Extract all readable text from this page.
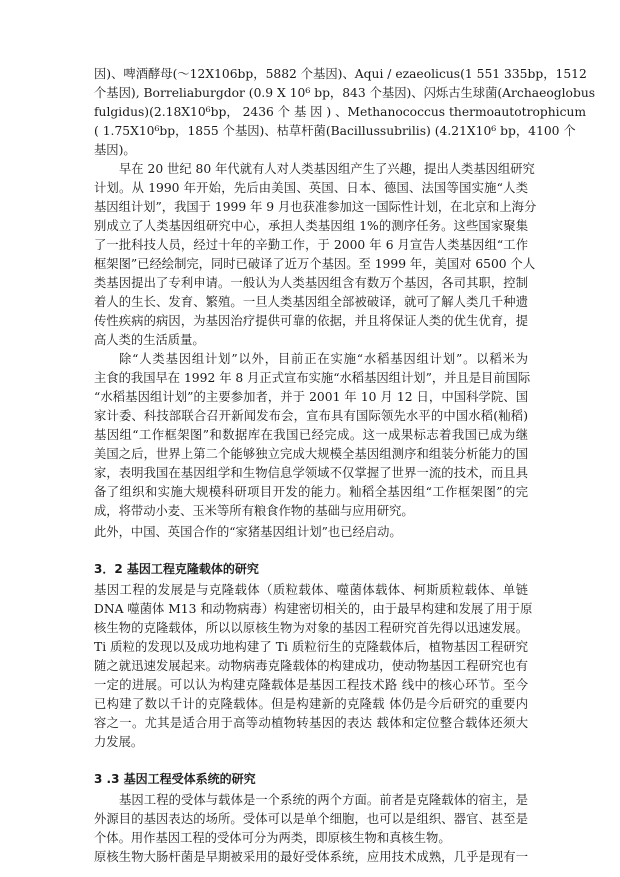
因)、啤酒酵母(～12X106bp，5882 个基因)、Aqui / ezaeolicus(1 551 335bp，1512
个基因), Borreliaburgdor (0.9 X 10⁶ bp，843 个基因)、闪烁古生球菌(Archaeoglobus
fulgidus)(2.18X10⁶bp， 2436 个 基 因 ) 、Methanococcus thermoautotrophicum
( 1.75X10⁶bp，1855 个基因)、枯草杆菌(Bacillussubrilis) (4.21X10⁶ bp，4100 个
基因)。
早在 20 世纪 80 年代就有人对人类基因组产生了兴趣，提出人类基因组研究
计划。从 1990 年开始，先后由美国、英国、日本、德国、法国等国实施“人类
基因组计划”，我国于 1999 年 9 月也获准参加这一国际性计划，在北京和上海分
别成立了人类基因组研究中心，承担人类基因组 1%的测序任务。这些国家聚集
了一批科技人员，经过十年的辛勤工作，于 2000 年 6 月宣告人类基因组“工作
框架图”已经绘制完，同时已破译了近万个基因。至 1999 年，美国对 6500 个人
类基因提出了专利申请。一般认为人类基因组含有数万个基因，各司其职，控制
着人的生长、发育、繁殖。一旦人类基因组全部被破译，就可了解人类几千种遗
传性疾病的病因，为基因治疗提供可靠的依据，并且将保证人类的优生优育，提
高人类的生活质量。
除“人类基因组计划”以外，目前正在实施“水稻基因组计划”。以稻米为
主食的我国早在 1992 年 8 月正式宣布实施“水稻基因组计划”，并且是目前国际
“水稻基因组计划”的主要参加者，并于 2001 年 10 月 12 日，中国科学院、国
家计委、科技部联合召开新闻发布会，宣布具有国际领先水平的中国水稻(籼稻)
基因组“工作框架图”和数据库在我国已经完成。这一成果标志着我国已成为继
美国之后，世界上第二个能够独立完成大规模全基因组测序和组装分析能力的国
家，表明我国在基因组学和生物信息学领域不仅掌握了世界一流的技术，而且具
备了组织和实施大规模科研项目开发的能力。籼稻全基因组“工作框架图”的完
成，将带动小麦、玉米等所有粮食作物的基础与应用研究。
此外，中国、英国合作的“家猪基因组计划”也已经启动。
3．2 基因工程克隆载体的研究
基因工程的发展是与克隆载体（质粒载体、噬菌体载体、柯斯质粒载体、单链
DNA 噬菌体 M13 和动物病毒）构建密切相关的，由于最早构建和发展了用于原
核生物的克隆载体，所以以原核生物为对象的基因工程研究首先得以迅速发展。
Ti 质粒的发现以及成功地构建了 Ti 质粒衍生的克隆载体后，植物基因工程研究
随之就迅速发展起来。动物病毒克隆载体的构建成功，使动物基因工程研究也有
一定的进展。可以认为构建克隆载体是基因工程技术路 线中的核心环节。至今
已构建了数以千计的克隆载体。但是构建新的克隆载 体仍是今后研究的重要内
容之一。尤其是适合用于高等动植物转基因的表达 载体和定位整合载体还须大
力发展。
3 .3 基因工程受体系统的研究
基因工程的受体与载体是一个系统的两个方面。前者是克隆载体的宿主，是
外源目的基因表达的场所。受体可以是单个细胞，也可以是组织、器官、甚至是
个体。用作基因工程的受体可分为两类，即原核生物和真核生物。
原核生物大肠杆菌是早期被采用的最好受体系统，应用技术成熟，几乎是现有一
